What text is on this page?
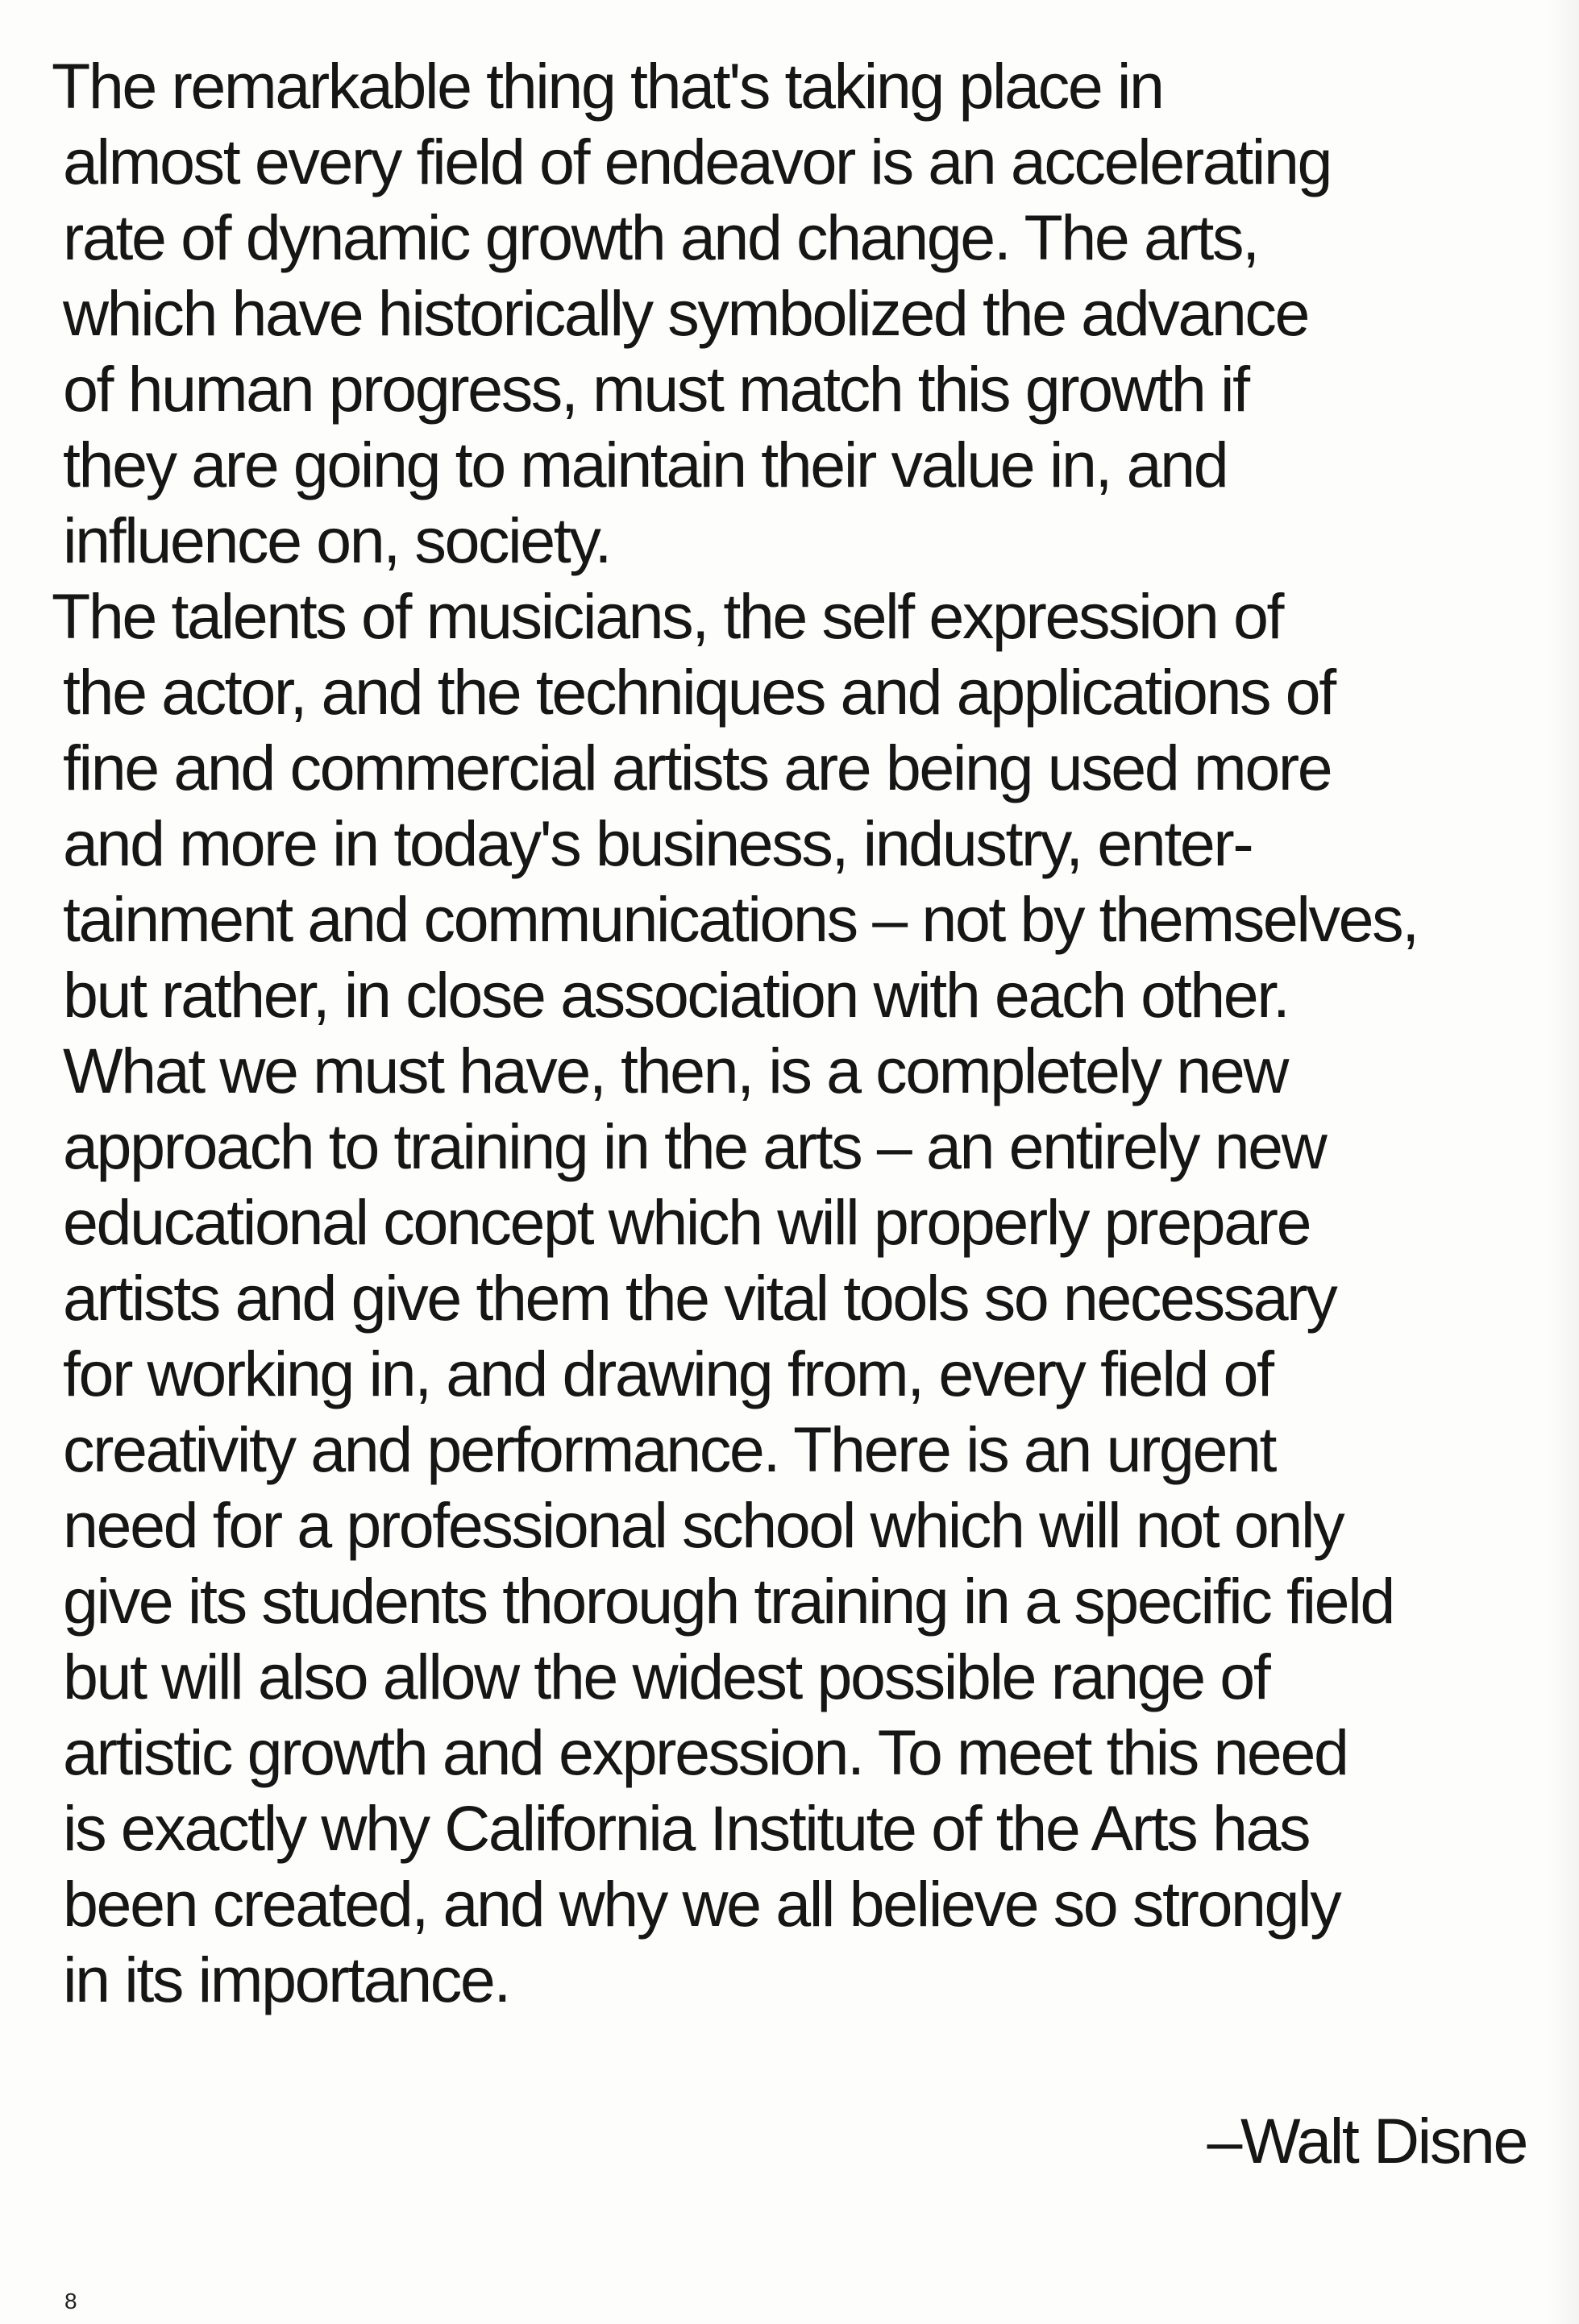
The remarkable thing that's taking place in
almost every field of endeavor is an accelerating
rate of dynamic growth and change. The arts,
which have historically symbolized the advance
of human progress, must match this growth if
they are going to maintain their value in, and
influence on, society.
The talents of musicians, the self expression of
the actor, and the techniques and applications of
fine and commercial artists are being used more
and more in today's business, industry, enter-
tainment and communications – not by themselves,
but rather, in close association with each other.
What we must have, then, is a completely new
approach to training in the arts – an entirely new
educational concept which will properly prepare
artists and give them the vital tools so necessary
for working in, and drawing from, every field of
creativity and performance. There is an urgent
need for a professional school which will not only
give its students thorough training in a specific field
but will also allow the widest possible range of
artistic growth and expression. To meet this need
is exactly why California Institute of the Arts has
been created, and why we all believe so strongly
in its importance.

–Walt Disne

8
